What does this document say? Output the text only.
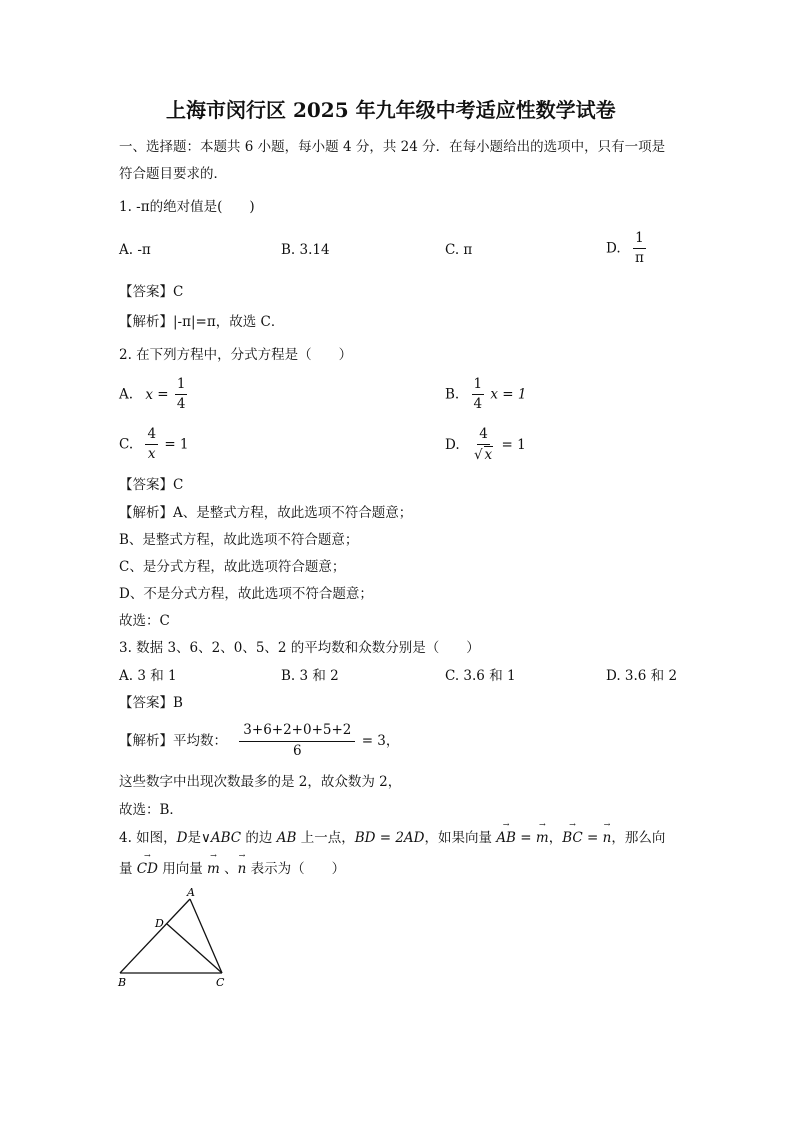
上海市闵行区 2025 年九年级中考适应性数学试卷
一、选择题：本题共 6 小题，每小题 4 分，共 24 分．在每小题给出的选项中，只有一项是
符合题目要求的．
1. -π的绝对值是(　　)
A. -π	B. 3.14	C. π	D. $\frac{1}{\pi}$
【答案】C
【解析】|-π|=π，故选 C．
2. 在下列方程中，分式方程是（　　）
A. $x = \frac{1}{4}$	B. $\frac{1}{4}$ x = 1
C. $\frac{4}{x} = 1$	D. $\frac{4}{√ x} = 1$
【答案】C
【解析】A、是整式方程，故此选项不符合题意；
B、是整式方程，故此选项不符合题意；
C、是分式方程，故此选项符合题意；
D、不是分式方程，故此选项不符合题意；
故选：C
3. 数据 3、6、2、0、5、2 的平均数和众数分别是（　　）
A. 3 和 1	B. 3 和 2	C. 3.6 和 1	D. 3.6 和 2
【答案】B
【解析】平均数： $\frac{3+6+2+0+5+2}{6} = 3$，
这些数字中出现次数最多的是 2，故众数为 2，
故选：B．
4. 如图，D是∨ABC 的边 AB 上一点，BD = 2AD，如果向量
→
AB =
→
m，
→
BC =
→
n，那么向
量
→
CD 用向量
→
m 、
→
n 表示为（　　）
A
D
B	C
